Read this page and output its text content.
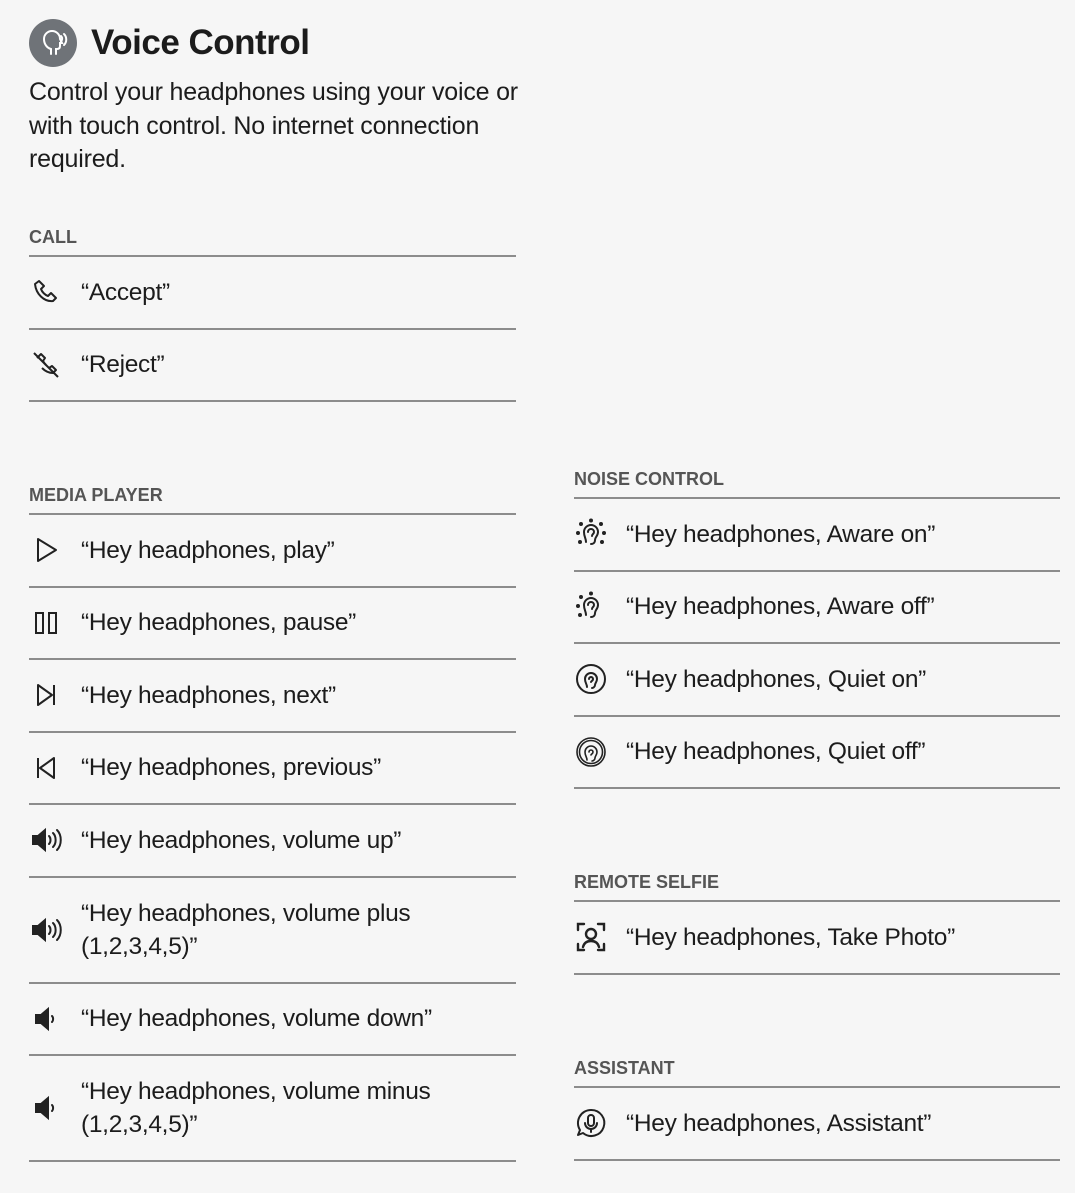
Voice Control
Control your headphones using your voice or with touch control. No internet connection required.
CALL
“Accept”
“Reject”
MEDIA PLAYER
“Hey headphones, play”
“Hey headphones, pause”
“Hey headphones, next”
“Hey headphones, previous”
“Hey headphones, volume up”
“Hey headphones, volume plus (1,2,3,4,5)”
“Hey headphones, volume down”
“Hey headphones, volume minus (1,2,3,4,5)”
NOISE CONTROL
“Hey headphones, Aware on”
“Hey headphones, Aware off”
“Hey headphones, Quiet on”
“Hey headphones, Quiet off”
REMOTE SELFIE
“Hey headphones, Take Photo”
ASSISTANT
“Hey headphones, Assistant”
